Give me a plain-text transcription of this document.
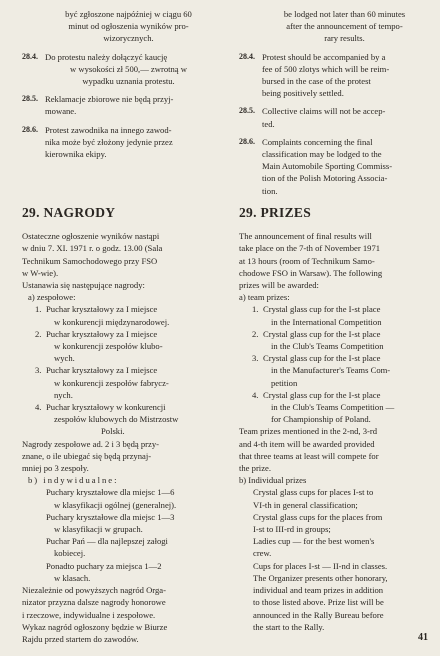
być zgłoszone najpóźniej w ciągu 60

minut od ogłoszenia wyników pro-

wizorycznych.

28.4. Do protestu należy dołączyć kaucję

w wysokości zł 500,— zwrotną w

wypadku uznania protestu.

28.5. Reklamacje zbiorowe nie będą przyj-

mowane.

28.6. Protest zawodnika na innego zawod-

nika może być złożony jedynie przez

kierownika ekipy.

29. NAGRODY

Ostateczne ogłoszenie wyników nastąpi

w dniu 7. XI. 1971 r. o godz. 13.00 (Sala

Technikum Samochodowego przy FSO

w W-wie).

Ustanawia się następujące nagrody:

a) zespołowe:

1. Puchar kryształowy za I miejsce

w konkurencji międzynarodowej.

2. Puchar kryształowy za I miejsce

w konkurencji zespołów klubo-

wych.

3. Puchar kryształowy za I miejsce

w konkurencji zespołów fabrycz-

nych.

4. Puchar kryształowy w konkurencji

zespołów klubowych do Mistrzostw

Polski.

Nagrody zespołowe ad. 2 i 3 będą przy-

znane, o ile ubiegać się będą przynaj-

mniej po 3 zespoły.

b) indywidualne:

Puchary kryształowe dla miejsc 1—6

w klasyfikacji ogólnej (generalnej).

Puchary kryształowe dla miejsc 1—3

w klasyfikacji w grupach.

Puchar Pań — dla najlepszej załogi

kobiecej.

Ponadto puchary za miejsca 1—2

w klasach.

Niezależnie od powyższych nagród Orga-

nizator przyzna dalsze nagrody honorowe

i rzeczowe, indywidualne i zespołowe.

Wykaz nagród ogłoszony będzie w Biurze

Rajdu przed startem do zawodów.

be lodged not later than 60 minutes

after the announcement of tempo-

rary results.

28.4. Protest should be accompanied by a

fee of 500 zlotys which will be reim-

bursed in the case of the protest

being positively settled.

28.5. Collective claims will not be accep-

ted.

28.6. Complaints concerning the final

classification may be lodged to the

Main Automobile Sporting Commiss-

tion of the Polish Motoring Associa-

tion.

29. PRIZES

The announcement of final results will

take place on the 7-th of November 1971

at 13 hours (room of Technikum Samo-

chodowe FSO in Warsaw). The following

prizes will be awarded:

a) team prizes:

1. Crystal glass cup for the I-st place

in the International Competition

2. Crystal glass cup for the I-st place

in the Club's Teams Competition

3. Crystal glass cup for the I-st place

in the Manufacturer's Teams Com-

petition

4. Crystal glass cup for the I-st place

in the Club's Teams Competition —

for Championship of Poland.

Team prizes mentioned in the 2-nd, 3-rd

and 4-th item will be awarded provided

that three teams at least will compete for

the prize.

b) Individual prizes

Crystal glass cups for places I-st to

VI-th in general classification;

Crystal glass cups for the places from

I-st to III-rd in groups;

Ladies cup — for the best women's

crew.

Cups for places I-st — II-nd in classes.

The Organizer presents other honorary,

individual and team prizes in addition

to those listed above. Prize list will be

announced in the Rally Bureau before

the start to the Rally.

41
